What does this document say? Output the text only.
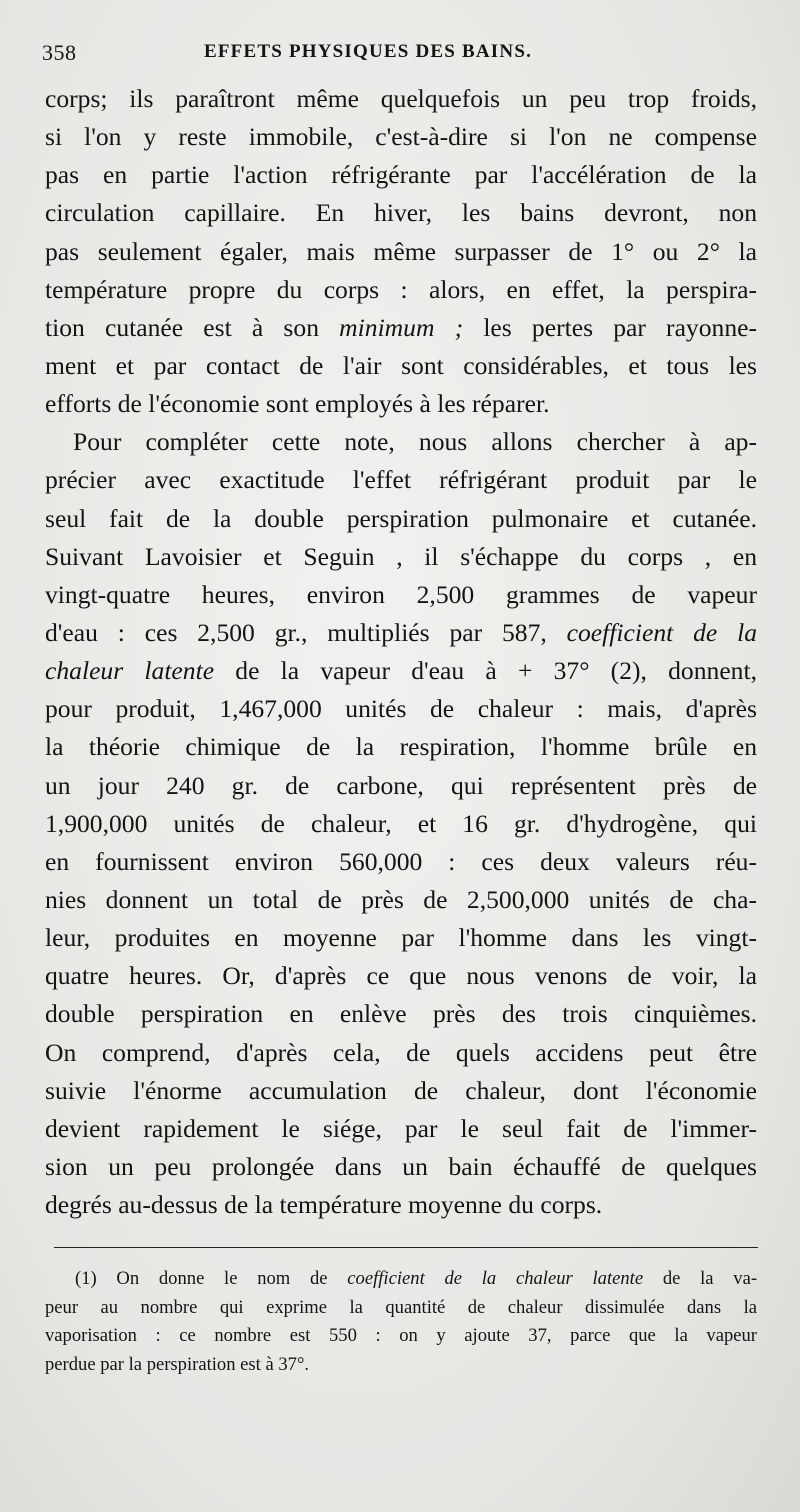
358	EFFETS PHYSIQUES DES BAINS.
corps; ils paraîtront même quelquefois un peu trop froids,
si l'on y reste immobile, c'est-à-dire si l'on ne compense
pas en partie l'action réfrigérante par l'accélération de la
circulation capillaire. En hiver, les bains devront, non
pas seulement égaler, mais même surpasser de 1° ou 2° la
température propre du corps : alors, en effet, la perspira-
tion cutanée est à son minimum ; les pertes par rayonne-
ment et par contact de l'air sont considérables, et tous les
efforts de l'économie sont employés à les réparer.
Pour compléter cette note, nous allons chercher à ap-
précier avec exactitude l'effet réfrigérant produit par le
seul fait de la double perspiration pulmonaire et cutanée.
Suivant Lavoisier et Seguin , il s'échappe du corps , en
vingt-quatre heures, environ 2,500 grammes de vapeur
d'eau : ces 2,500 gr., multipliés par 587, coefficient de la
chaleur latente de la vapeur d'eau à + 37° (2), donnent,
pour produit, 1,467,000 unités de chaleur : mais, d'après
la théorie chimique de la respiration, l'homme brûle en
un jour 240 gr. de carbone, qui représentent près de
1,900,000 unités de chaleur, et 16 gr. d'hydrogène, qui
en fournissent environ 560,000 : ces deux valeurs réu-
nies donnent un total de près de 2,500,000 unités de cha-
leur, produites en moyenne par l'homme dans les vingt-
quatre heures. Or, d'après ce que nous venons de voir, la
double perspiration en enlève près des trois cinquièmes.
On comprend, d'après cela, de quels accidens peut être
suivie l'énorme accumulation de chaleur, dont l'économie
devient rapidement le siége, par le seul fait de l'immer-
sion un peu prolongée dans un bain échauffé de quelques
degrés au-dessus de la température moyenne du corps.
(1) On donne le nom de coefficient de la chaleur latente de la va-
peur au nombre qui exprime la quantité de chaleur dissimulée dans la
vaporisation : ce nombre est 550 : on y ajoute 37, parce que la vapeur
perdue par la perspiration est à 37°.
